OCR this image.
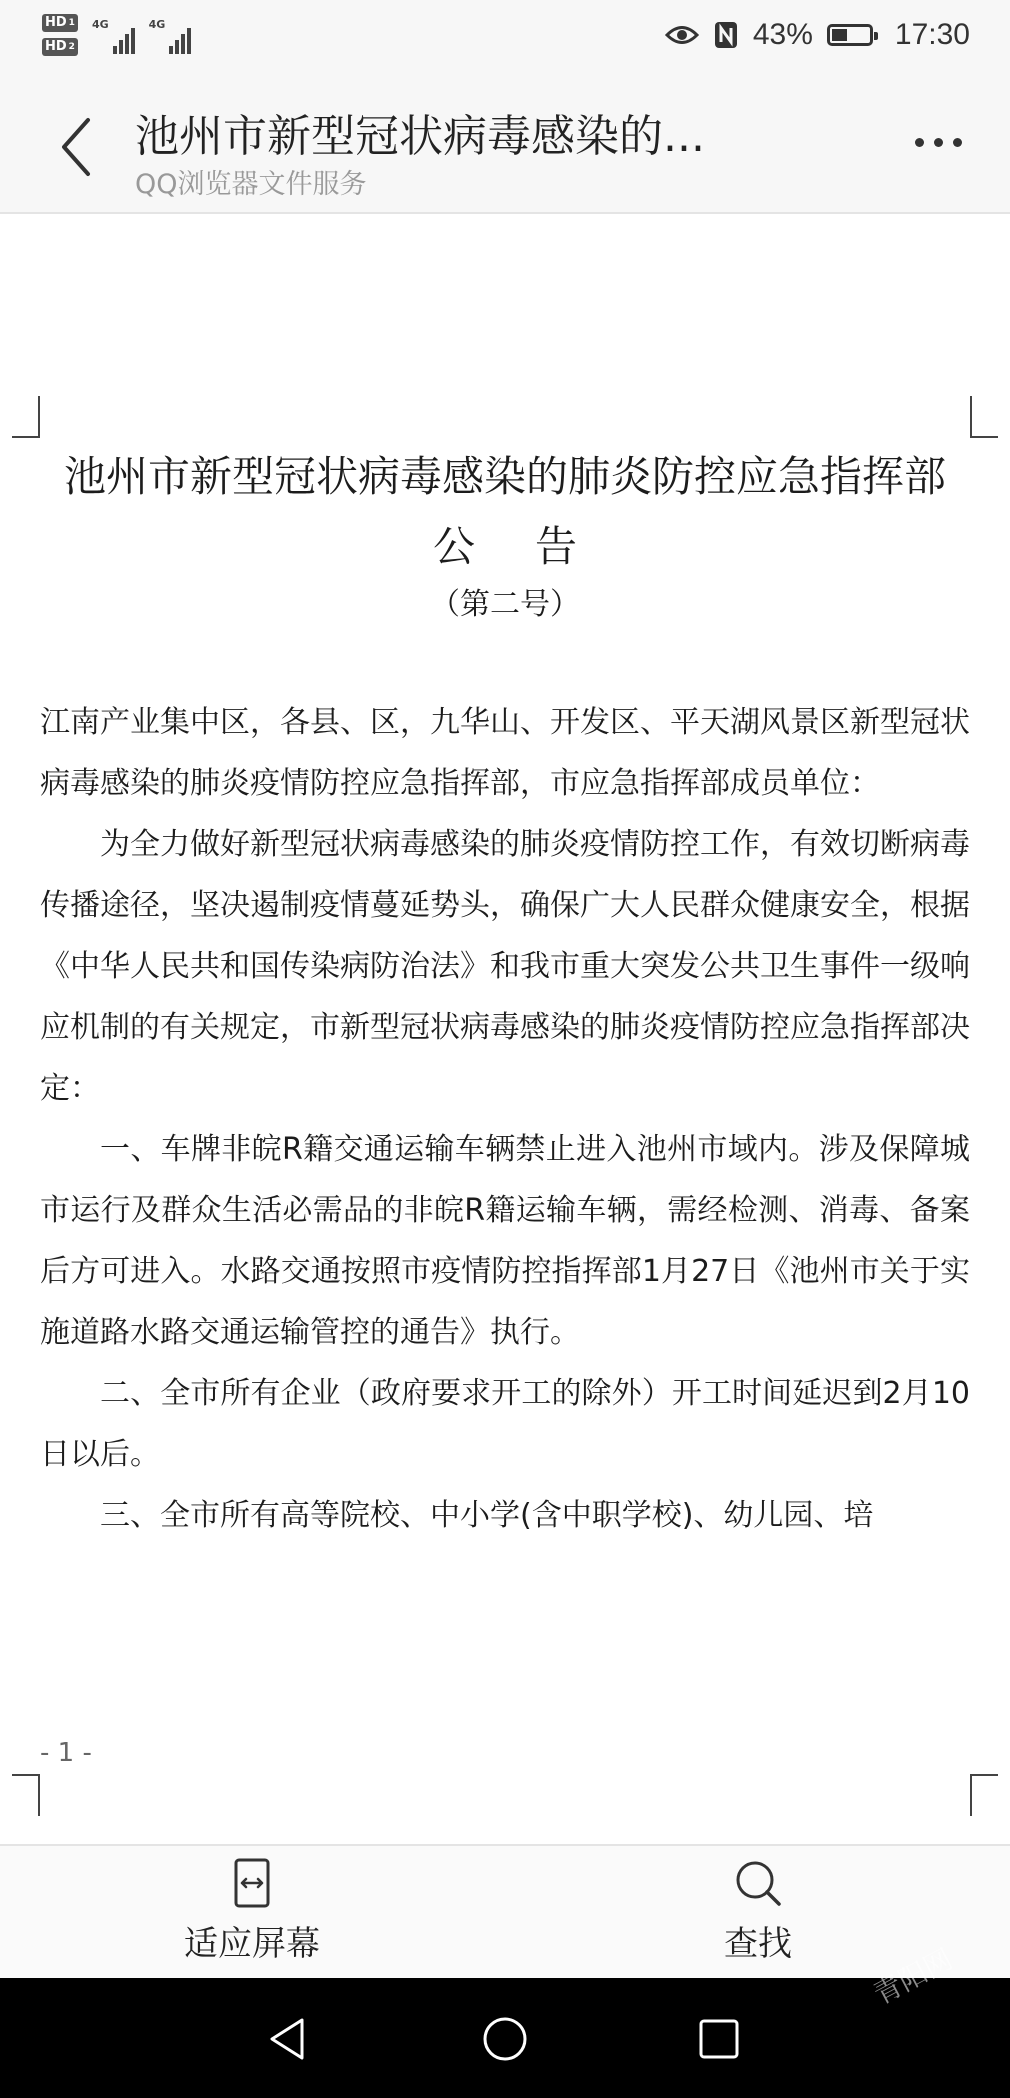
HD 1
HD 2
4G	4G	43%	17:30
池州市新型冠状病毒感染的...
QQ浏览器文件服务
池州市新型冠状病毒感染的肺炎防控应急指挥部
公告
（第二号）

江南产业集中区，各县、区，九华山、开发区、平天湖风景区新型冠状病毒感染的肺炎疫情防控应急指挥部，市应急指挥部成员单位：

为全力做好新型冠状病毒感染的肺炎疫情防控工作，有效切断病毒传播途径，坚决遏制疫情蔓延势头，确保广大人民群众健康安全，根据《中华人民共和国传染病防治法》和我市重大突发公共卫生事件一级响应机制的有关规定，市新型冠状病毒感染的肺炎疫情防控应急指挥部决定：

一、车牌非皖R籍交通运输车辆禁止进入池州市域内。涉及保障城市运行及群众生活必需品的非皖R籍运输车辆，需经检测、消毒、备案后方可进入。水路交通按照市疫情防控指挥部1月27日《池州市关于实施道路水路交通运输管控的通告》执行。

二、全市所有企业（政府要求开工的除外）开工时间延迟到2月10日以后。

三、全市所有高等院校、中小学(含中职学校)、幼儿园、培

- 1 -
适应屏幕	查找	青阳网
